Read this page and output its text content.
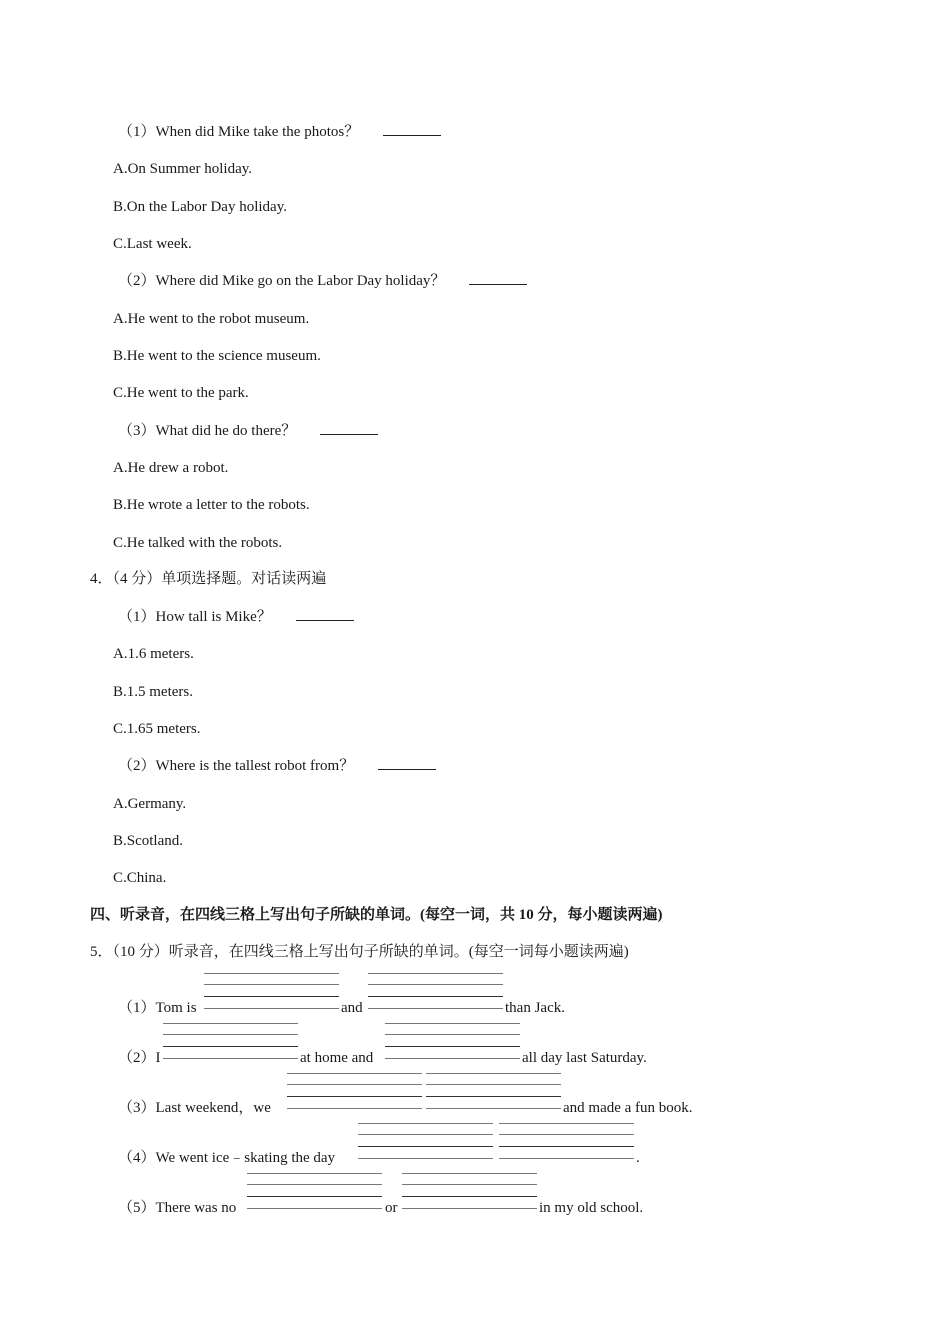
（1）When did Mike take the photos？
A.On Summer holiday.
B.On the Labor Day holiday.
C.Last week.
（2）Where did Mike go on the Labor Day holiday？
A.He went to the robot museum.
B.He went to the science museum.
C.He went to the park.
（3）What did he do there？
A.He drew a robot.
B.He wrote a letter to the robots.
C.He talked with the robots.
4．（4 分）单项选择题。对话读两遍
（1）How tall is Mike？
A.1.6 meters.
B.1.5 meters.
C.1.65 meters.
（2）Where is the tallest robot from？
A.Germany.
B.Scotland.
C.China.
四、听录音，在四线三格上写出句子所缺的单词。(每空一词，共 10 分，每小题读两遍)
5．（10 分）听录音，在四线三格上写出句子所缺的单词。(每空一词每小题读两遍)
（1）Tom is	and	than Jack.
（2）I	at home and	all day last Saturday.
（3）Last weekend，we	and made a fun book.
（4）We went ice﹣skating the day	.
（5）There was no	or	in my old school.
